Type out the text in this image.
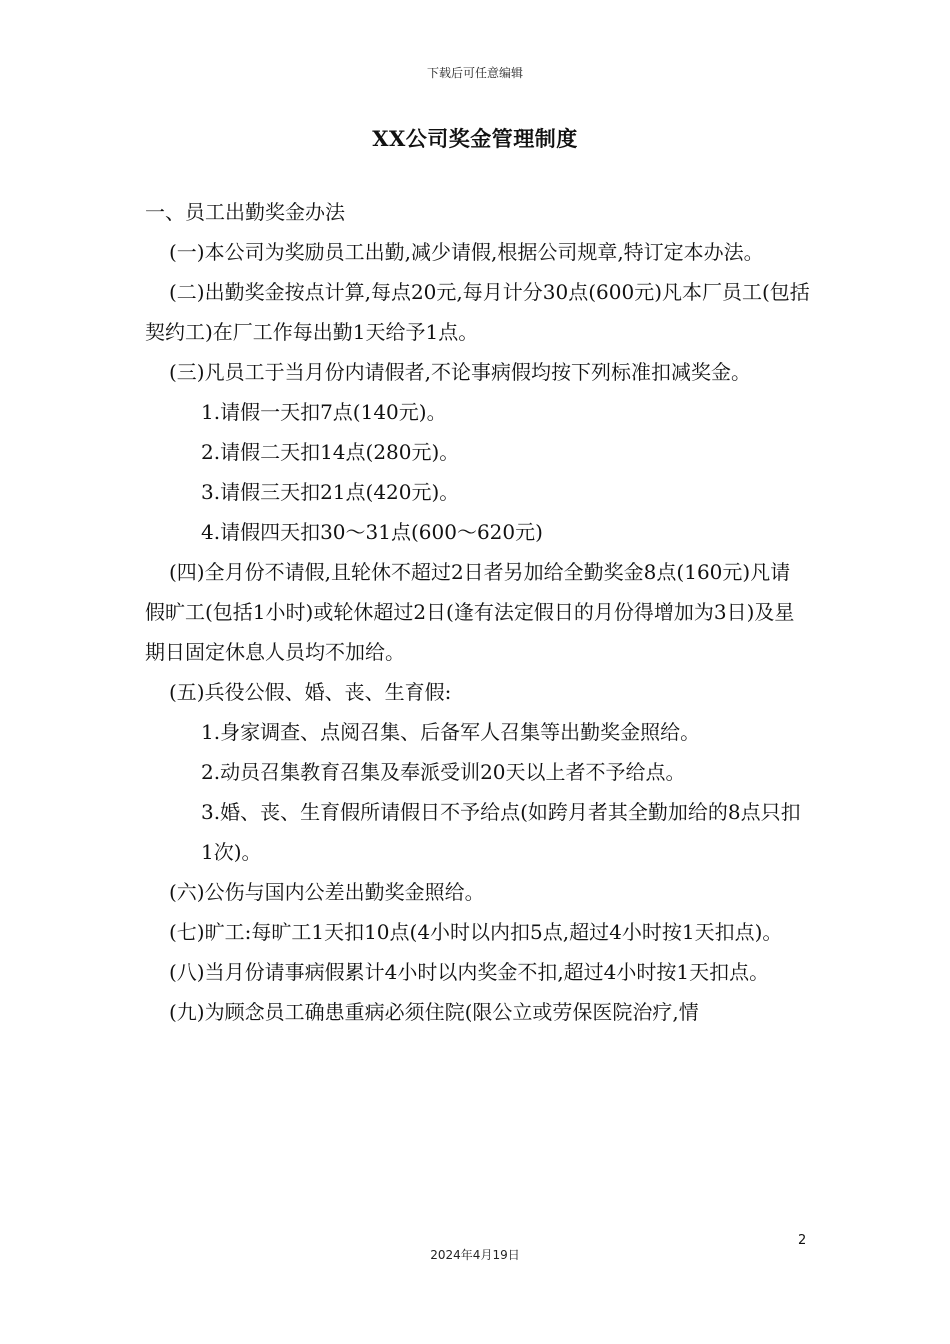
下载后可任意编辑
XX公司奖金管理制度

一、员工出勤奖金办法

(一)本公司为奖励员工出勤,减少请假,根据公司规章,特订定本办法。

(二)出勤奖金按点计算,每点20元,每月计分30点(600元)凡本厂员工(包括契约工)在厂工作每出勤1天给予1点。

(三)凡员工于当月份内请假者,不论事病假均按下列标准扣减奖金。

1.请假一天扣7点(140元)。

2.请假二天扣14点(280元)。

3.请假三天扣21点(420元)。

4.请假四天扣30～31点(600～620元)

(四)全月份不请假,且轮休不超过2日者另加给全勤奖金8点(160元)凡请假旷工(包括1小时)或轮休超过2日(逢有法定假日的月份得增加为3日)及星期日固定休息人员均不加给。

(五)兵役公假、婚、丧、生育假:

1.身家调查、点阅召集、后备军人召集等出勤奖金照给。

2.动员召集教育召集及奉派受训20天以上者不予给点。

3.婚、丧、生育假所请假日不予给点(如跨月者其全勤加给的8点只扣1次)。

(六)公伤与国内公差出勤奖金照给。

(七)旷工:每旷工1天扣10点(4小时以内扣5点,超过4小时按1天扣点)。

(八)当月份请事病假累计4小时以内奖金不扣,超过4小时按1天扣点。

(九)为顾念员工确患重病必须住院(限公立或劳保医院治疗,情

2
2024年4月19日
